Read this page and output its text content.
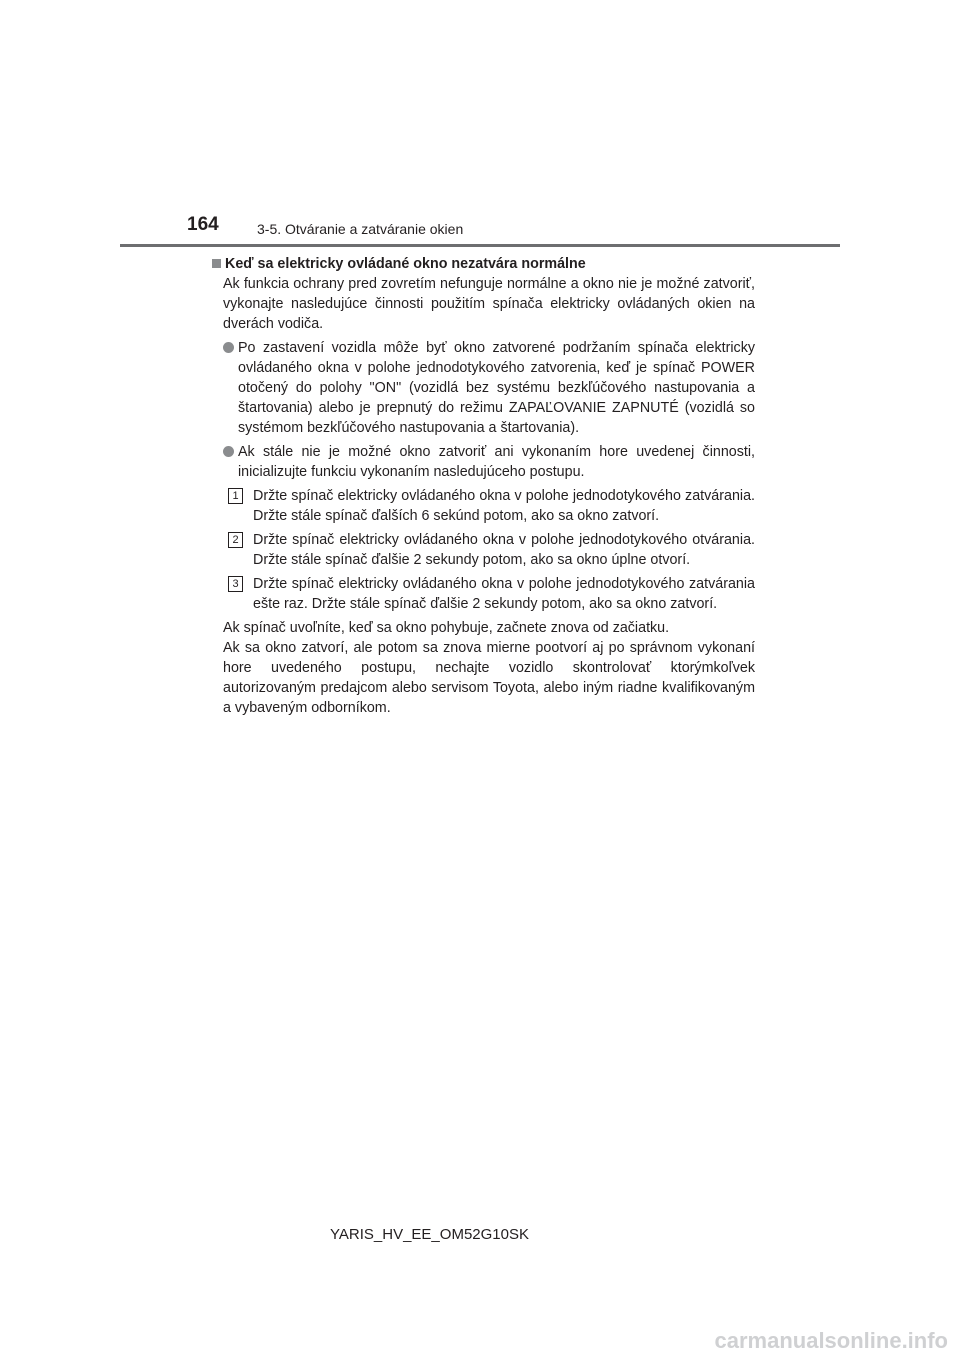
164	3-5. Otváranie a zatváranie okien
Keď sa elektricky ovládané okno nezatvára normálne

Ak funkcia ochrany pred zovretím nefunguje normálne a okno nie je možné zatvoriť, vykonajte nasledujúce činnosti použitím spínača elektricky ovládaných okien na dverách vodiča.

Po zastavení vozidla môže byť okno zatvorené podržaním spínača elektricky ovládaného okna v polohe jednodotykového zatvorenia, keď je spínač POWER otočený do polohy "ON" (vozidlá bez systému bezkľúčového nastupovania a štartovania) alebo je prepnutý do režimu ZAPAĽOVANIE ZAPNUTÉ (vozidlá so systémom bezkľúčového nastupovania a štartovania).
Ak stále nie je možné okno zatvoriť ani vykonaním hore uvedenej činnosti, inicializujte funkciu vykonaním nasledujúceho postupu.
1	Držte spínač elektricky ovládaného okna v polohe jednodotykového zatvárania. Držte stále spínač ďalších 6 sekúnd potom, ako sa okno zatvorí.
2	Držte spínač elektricky ovládaného okna v polohe jednodotykového otvárania. Držte stále spínač ďalšie 2 sekundy potom, ako sa okno úplne otvorí.
3	Držte spínač elektricky ovládaného okna v polohe jednodotykového zatvárania ešte raz. Držte stále spínač ďalšie 2 sekundy potom, ako sa okno zatvorí.

Ak spínač uvoľníte, keď sa okno pohybuje, začnete znova od začiatku.

Ak sa okno zatvorí, ale potom sa znova mierne pootvorí aj po správnom vykonaní hore uvedeného postupu, nechajte vozidlo skontrolovať ktorýmkoľvek autorizovaným predajcom alebo servisom Toyota, alebo iným riadne kvalifikovaným a vybaveným odborníkom.

YARIS_HV_EE_OM52G10SK
carmanualsonline.info
